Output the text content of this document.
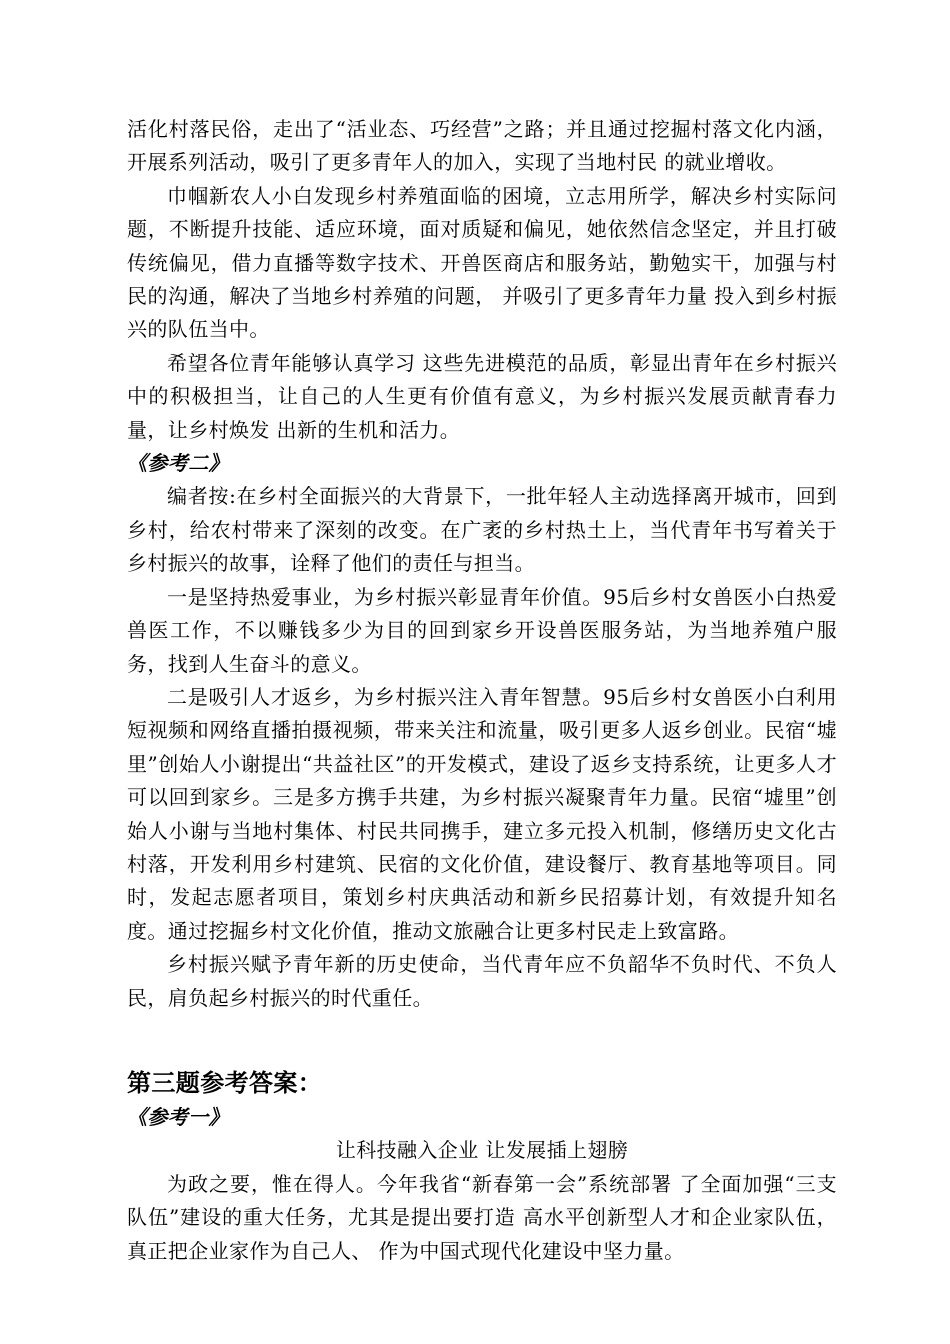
活化村落民俗，走出了“活业态、巧经营”之路；并且通过挖掘村落文化内涵，开展系列活动，吸引了更多青年人的加入，实现了当地村民 的就业增收。

巾帼新农人小白发现乡村养殖面临的困境，立志用所学，解决乡村实际问题，不断提升技能、适应环境，面对质疑和偏见，她依然信念坚定，并且打破传统偏见，借力直播等数字技术、开兽医商店和服务站，勤勉实干，加强与村民的沟通，解决了当地乡村养殖的问题， 并吸引了更多青年力量 投入到乡村振兴的队伍当中。

希望各位青年能够认真学习 这些先进模范的品质，彰显出青年在乡村振兴中的积极担当，让自己的人生更有价值有意义，为乡村振兴发展贡献青春力量，让乡村焕发 出新的生机和活力。

《参考二》

编者按:在乡村全面振兴的大背景下，一批年轻人主动选择离开城市，回到乡村，给农村带来了深刻的改变。在广袤的乡村热土上，当代青年书写着关于乡村振兴的故事，诠释了他们的责任与担当。

一是坚持热爱事业，为乡村振兴彰显青年价值。95后乡村女兽医小白热爱兽医工作，不以赚钱多少为目的回到家乡开设兽医服务站，为当地养殖户服务，找到人生奋斗的意义。

二是吸引人才返乡，为乡村振兴注入青年智慧。95后乡村女兽医小白利用短视频和网络直播拍摄视频，带来关注和流量，吸引更多人返乡创业。民宿“墟里”创始人小谢提出“共益社区”的开发模式，建设了返乡支持系统，让更多人才可以回到家乡。三是多方携手共建，为乡村振兴凝聚青年力量。民宿“墟里”创始人小谢与当地村集体、村民共同携手，建立多元投入机制，修缮历史文化古村落，开发利用乡村建筑、民宿的文化价值，建设餐厅、教育基地等项目。同时，发起志愿者项目，策划乡村庆典活动和新乡民招募计划，有效提升知名度。通过挖掘乡村文化价值，推动文旅融合让更多村民走上致富路。

乡村振兴赋予青年新的历史使命，当代青年应不负韶华不负时代、不负人民，肩负起乡村振兴的时代重任。

第三题参考答案：

《参考一》

让科技融入企业 让发展插上翅膀

为政之要，惟在得人。今年我省“新春第一会”系统部署 了全面加强“三支队伍”建设的重大任务，尤其是提出要打造 高水平创新型人才和企业家队伍，真正把企业家作为自己人、 作为中国式现代化建设中坚力量。
